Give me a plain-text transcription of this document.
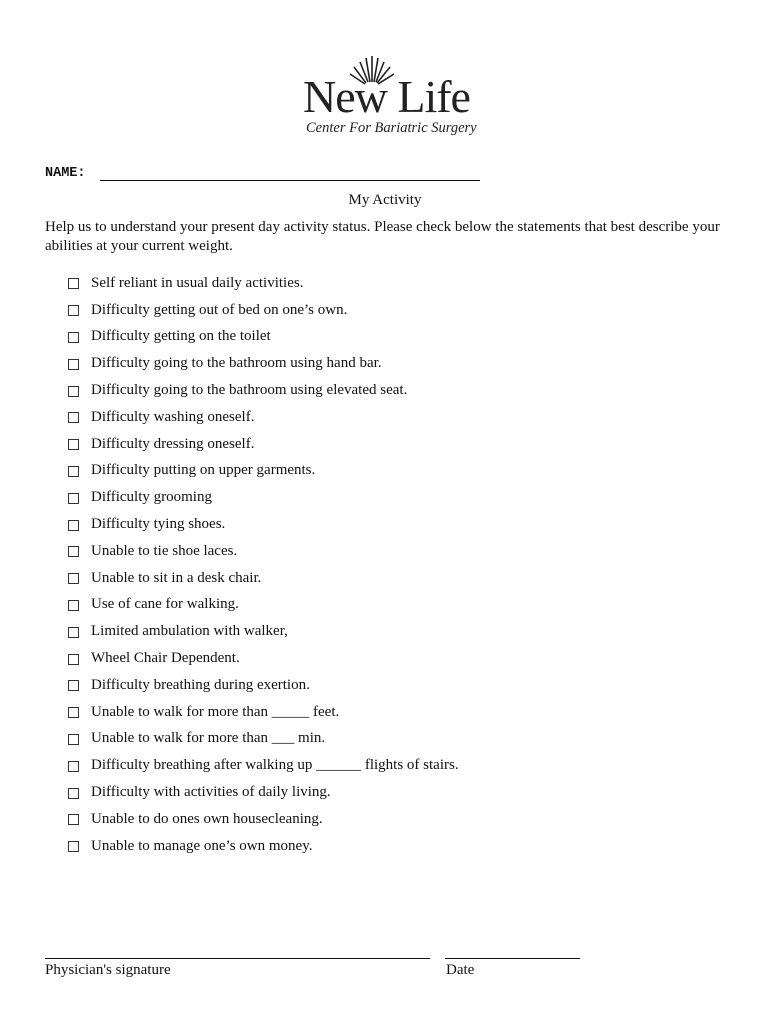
New Life
Center For Bariatric Surgery
NAME:
My Activity
Help us to understand your present day activity status. Please check below the statements that best describe your abilities at your current weight.
Self reliant in usual daily activities.
Difficulty getting out of bed on one’s own.
Difficulty getting on the toilet
Difficulty going to the bathroom using hand bar.
Difficulty going to the bathroom using elevated seat.
Difficulty washing oneself.
Difficulty dressing oneself.
Difficulty putting on upper garments.
Difficulty grooming
Difficulty tying shoes.
Unable to tie shoe laces.
Unable to sit in a desk chair.
Use of cane for walking.
Limited ambulation with walker,
Wheel Chair Dependent.
Difficulty breathing during exertion.
Unable to walk for more than _____ feet.
Unable to walk for more than ___ min.
Difficulty breathing after walking up ______ flights of stairs.
Difficulty with activities of daily living.
Unable to do ones own housecleaning.
Unable to manage one’s own money.
Physician's signature	Date
